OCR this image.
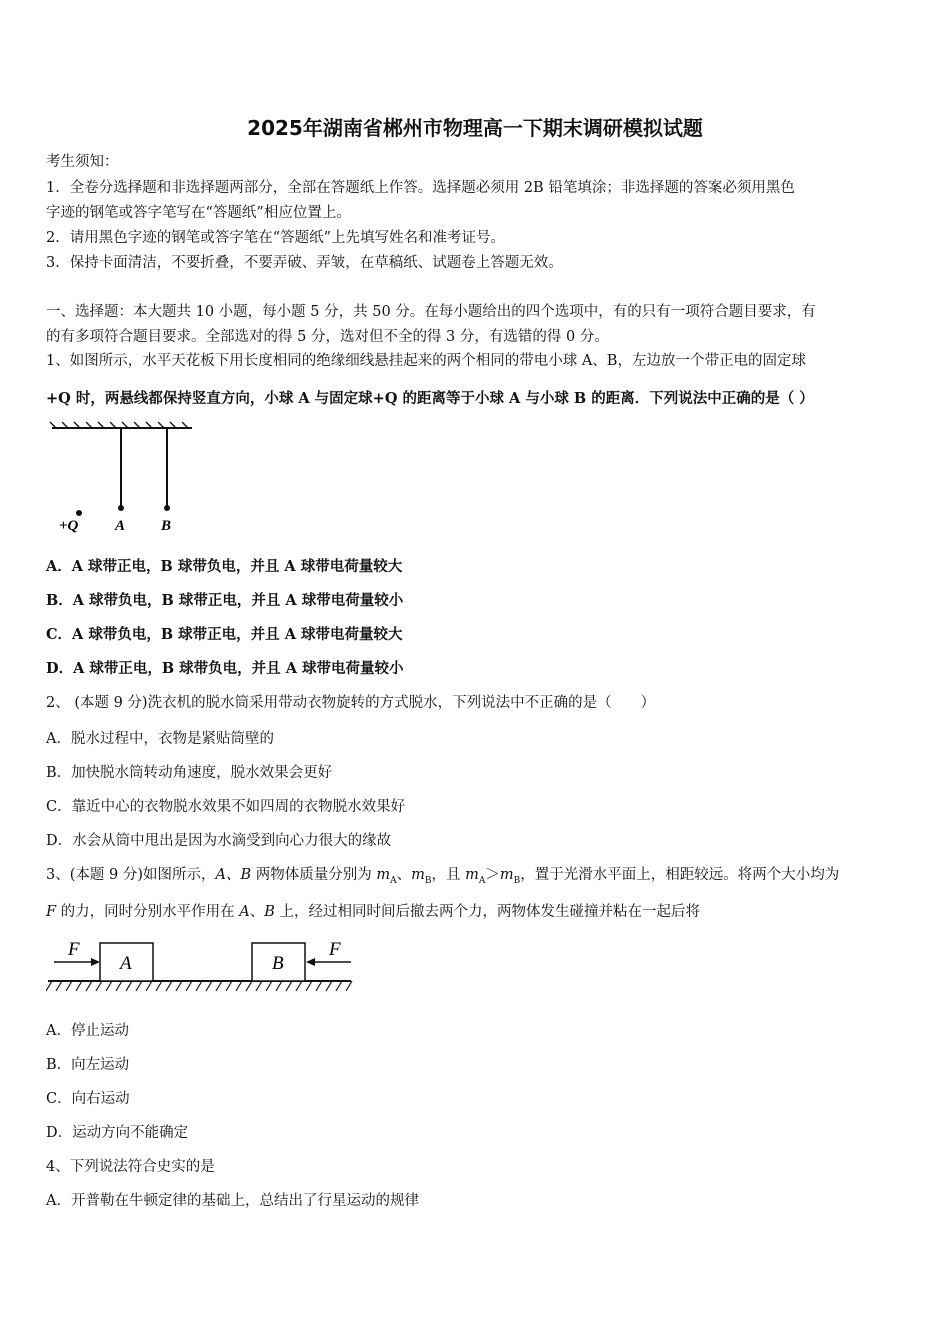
2025年湖南省郴州市物理高一下期末调研模拟试题
考生须知：
1．全卷分选择题和非选择题两部分，全部在答题纸上作答。选择题必须用 2B 铅笔填涂；非选择题的答案必须用黑色
字迹的钢笔或答字笔写在“答题纸”相应位置上。
2．请用黑色字迹的钢笔或答字笔在“答题纸”上先填写姓名和准考证号。
3．保持卡面清洁，不要折叠，不要弄破、弄皱，在草稿纸、试题卷上答题无效。
一、选择题：本大题共 10 小题，每小题 5 分，共 50 分。在每小题给出的四个选项中，有的只有一项符合题目要求，有
的有多项符合题目要求。全部选对的得 5 分，选对但不全的得 3 分，有选错的得 0 分。
1、如图所示，水平天花板下用长度相同的绝缘细线悬挂起来的两个相同的带电小球 A、B，左边放一个带正电的固定球
+Q 时，两悬线都保持竖直方向，小球 A 与固定球+Q 的距离等于小球 A 与小球 B 的距离．下列说法中正确的是（ ）
+Q A B
A．A 球带正电，B 球带负电，并且 A 球带电荷量较大
B．A 球带负电，B 球带正电，并且 A 球带电荷量较小
C．A 球带负电，B 球带正电，并且 A 球带电荷量较大
D．A 球带正电，B 球带负电，并且 A 球带电荷量较小
2、 (本题 9 分)洗衣机的脱水筒采用带动衣物旋转的方式脱水，下列说法中不正确的是（　　）
A．脱水过程中，衣物是紧贴筒壁的
B．加快脱水筒转动角速度，脱水效果会更好
C．靠近中心的衣物脱水效果不如四周的衣物脱水效果好
D．水会从筒中甩出是因为水滴受到向心力很大的缘故
3、(本题 9 分)如图所示，A、B 两物体质量分别为 $m_A$、$m_B$，且 $m_A>m_B$，置于光滑水平面上，相距较远。将两个大小均为
F 的力，同时分别水平作用在 A、B 上，经过相同时间后撤去两个力，两物体发生碰撞并粘在一起后将
A	B
F	F
A．停止运动
B．向左运动
C．向右运动
D．运动方向不能确定
4、下列说法符合史实的是
A．开普勒在牛顿定律的基础上，总结出了行星运动的规律
